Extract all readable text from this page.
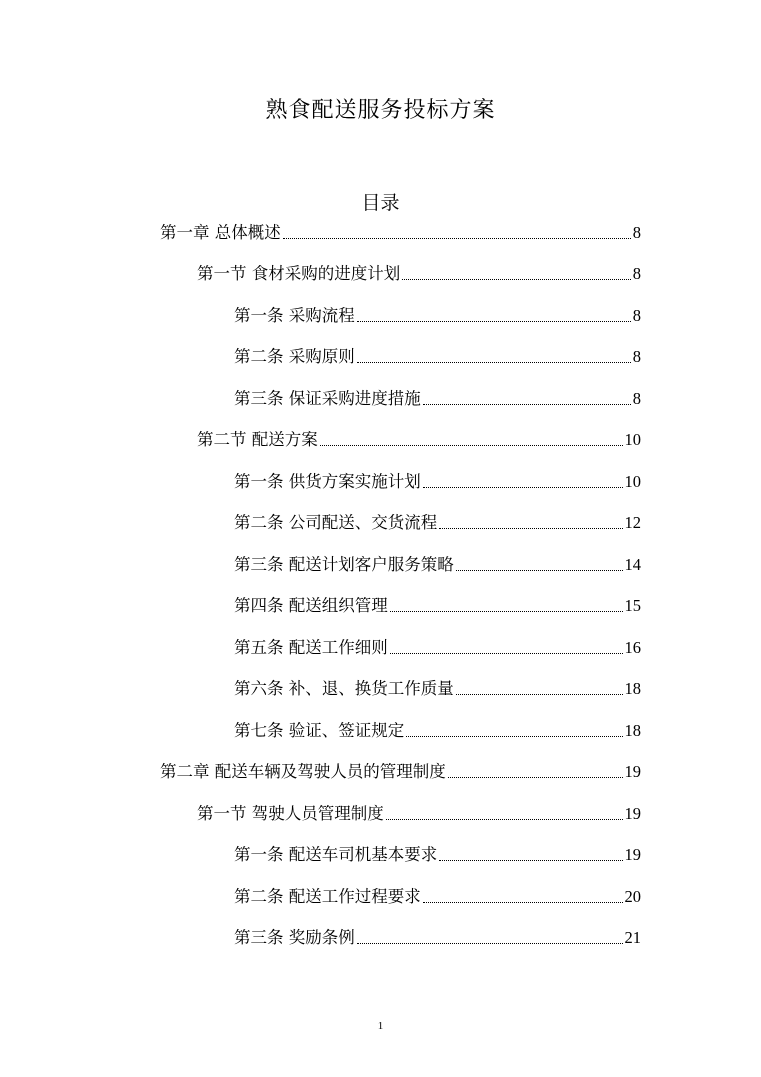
熟食配送服务投标方案
目录
第一章 总体概述	8
第一节 食材采购的进度计划	8
第一条 采购流程	8
第二条 采购原则	8
第三条 保证采购进度措施	8
第二节 配送方案	10
第一条 供货方案实施计划	10
第二条 公司配送、交货流程	12
第三条 配送计划客户服务策略	14
第四条 配送组织管理	15
第五条 配送工作细则	16
第六条 补、退、换货工作质量	18
第七条 验证、签证规定	18
第二章 配送车辆及驾驶人员的管理制度	19
第一节 驾驶人员管理制度	19
第一条 配送车司机基本要求	19
第二条 配送工作过程要求	20
第三条 奖励条例	21
1
